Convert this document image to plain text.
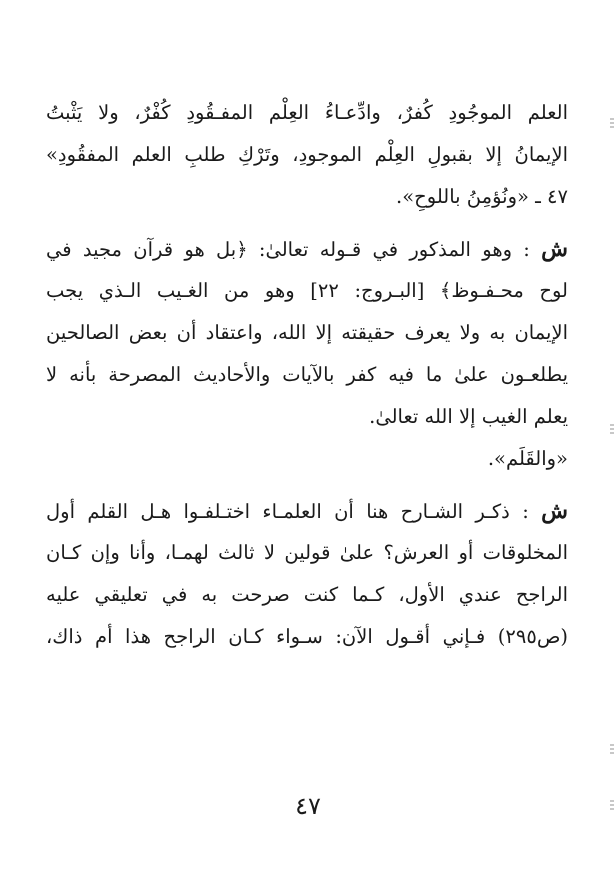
العلم الموجُودِ كُفرٌ، وادِّعـاءُ العِلْم المفـقُودِ كُفْرٌ، ولا يَثْبتُ
الإيمانُ إلا بقبولِ العِلْم الموجودِ، وتَرْكِ طلبِ العلم المفقُودِ»
٤٧ ـ «ونُؤمِنُ باللوحِ».
ش : وهو المذكور في قـوله تعالىٰ: ﴿بل هو قرآن مجيد في
لوح محـفـوظ﴾ [البـروج: ٢٢] وهو من الغـيب الـذي يجب
الإيمان به ولا يعرف حقيقته إلا الله، واعتقاد أن بعض الصالحين
يطلعـون علىٰ ما فيه كفر بالآيات والأحاديث المصرحة بأنه لا
يعلم الغيب إلا الله تعالىٰ.
«والقَلَم».
ش : ذكـر الشـارح هنا أن العلمـاء اختـلفـوا هـل القلم أول
المخلوقات أو العرش؟ علىٰ قولين لا ثالث لهمـا، وأنا وإن كـان
الراجح عندي الأول، كـما كنت صرحت به في تعليقي عليه
(ص٢٩٥) فـإني أقـول الآن: سـواء كـان الراجح هذا أم ذاك،
٤٧
